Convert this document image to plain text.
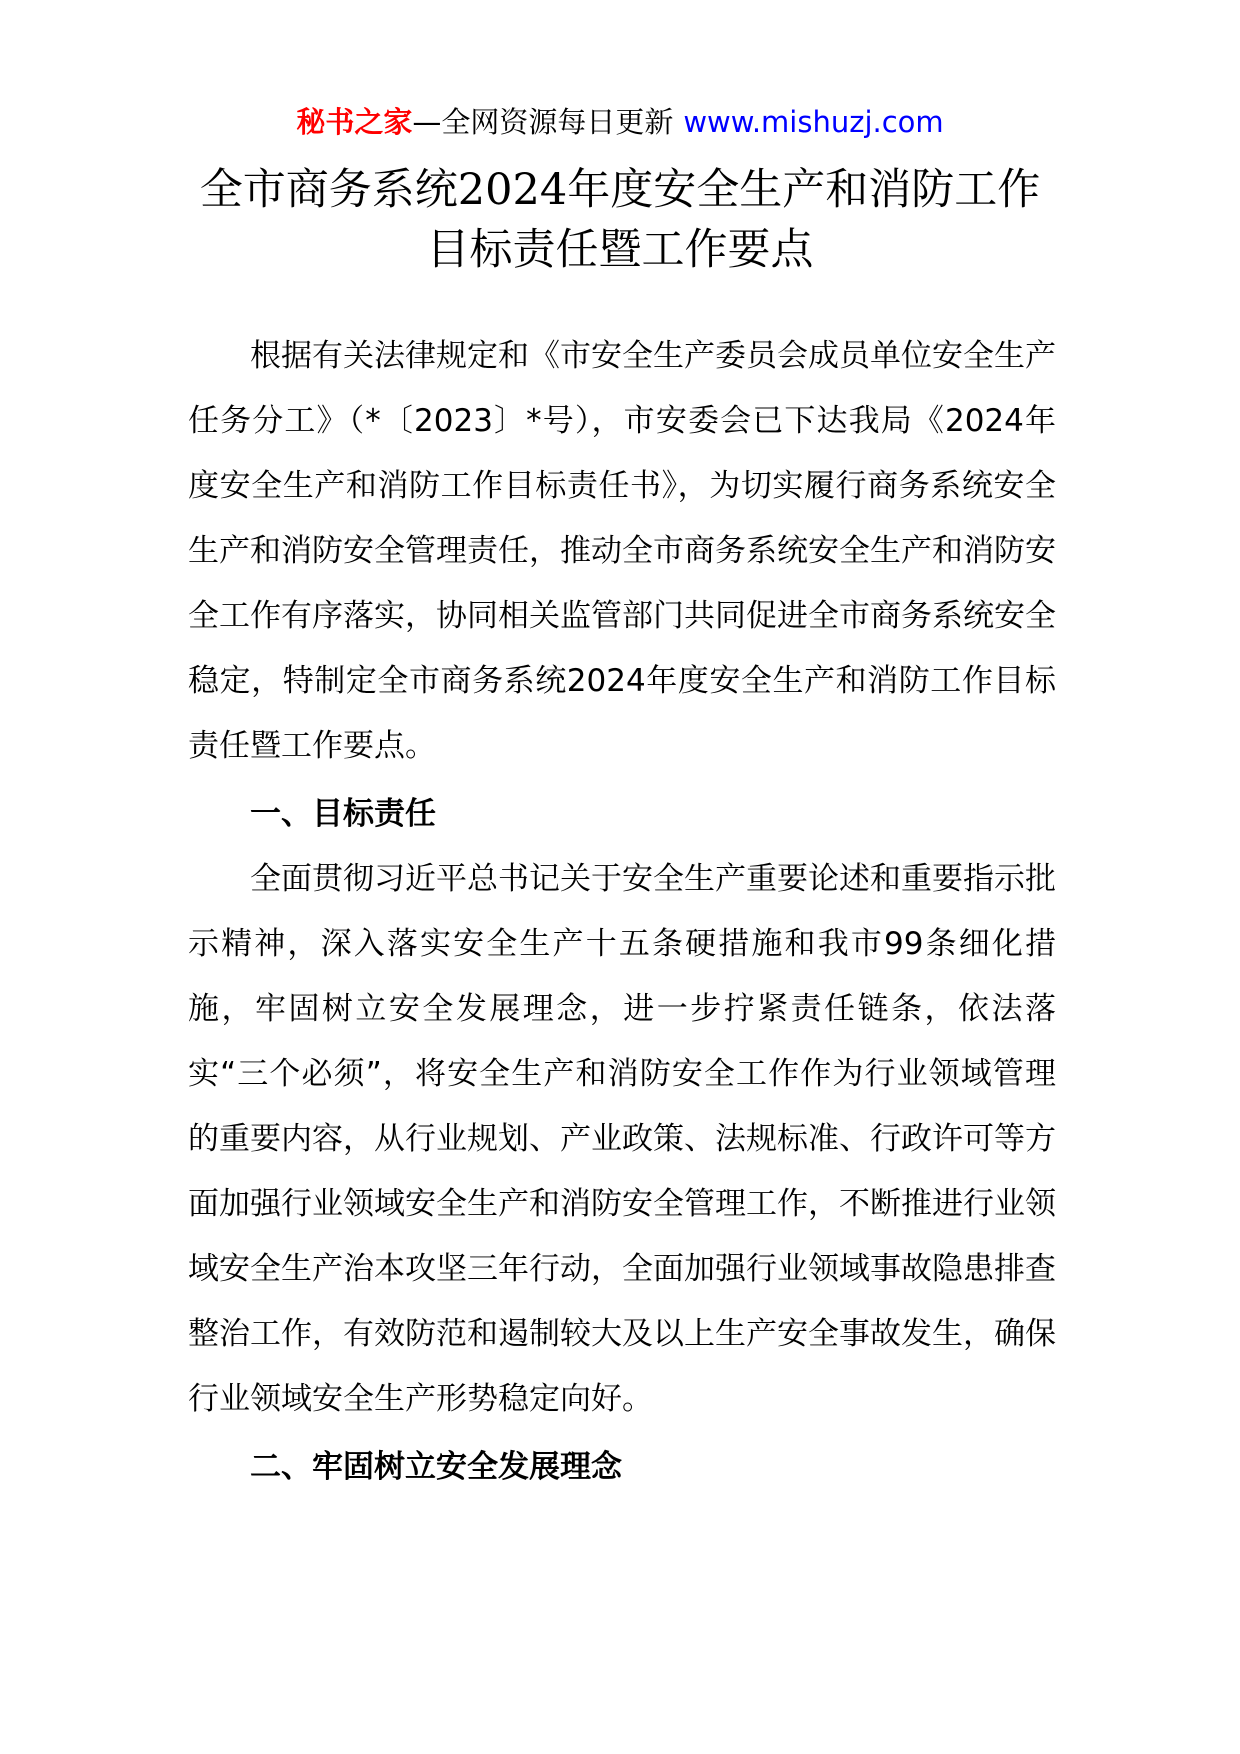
秘书之家—全网资源每日更新 www.mishuzj.com
全市商务系统2024年度安全生产和消防工作目标责任暨工作要点

根据有关法律规定和《市安全生产委员会成员单位安全生产任务分工》（*〔2023〕*号），市安委会已下达我局《2024年度安全生产和消防工作目标责任书》，为切实履行商务系统安全生产和消防安全管理责任，推动全市商务系统安全生产和消防安全工作有序落实，协同相关监管部门共同促进全市商务系统安全稳定，特制定全市商务系统2024年度安全生产和消防工作目标责任暨工作要点。

一、目标责任

全面贯彻习近平总书记关于安全生产重要论述和重要指示批示精神，深入落实安全生产十五条硬措施和我市99条细化措施，牢固树立安全发展理念，进一步拧紧责任链条，依法落实“三个必须”，将安全生产和消防安全工作作为行业领域管理的重要内容，从行业规划、产业政策、法规标准、行政许可等方面加强行业领域安全生产和消防安全管理工作，不断推进行业领域安全生产治本攻坚三年行动，全面加强行业领域事故隐患排查整治工作，有效防范和遏制较大及以上生产安全事故发生，确保行业领域安全生产形势稳定向好。

二、牢固树立安全发展理念
